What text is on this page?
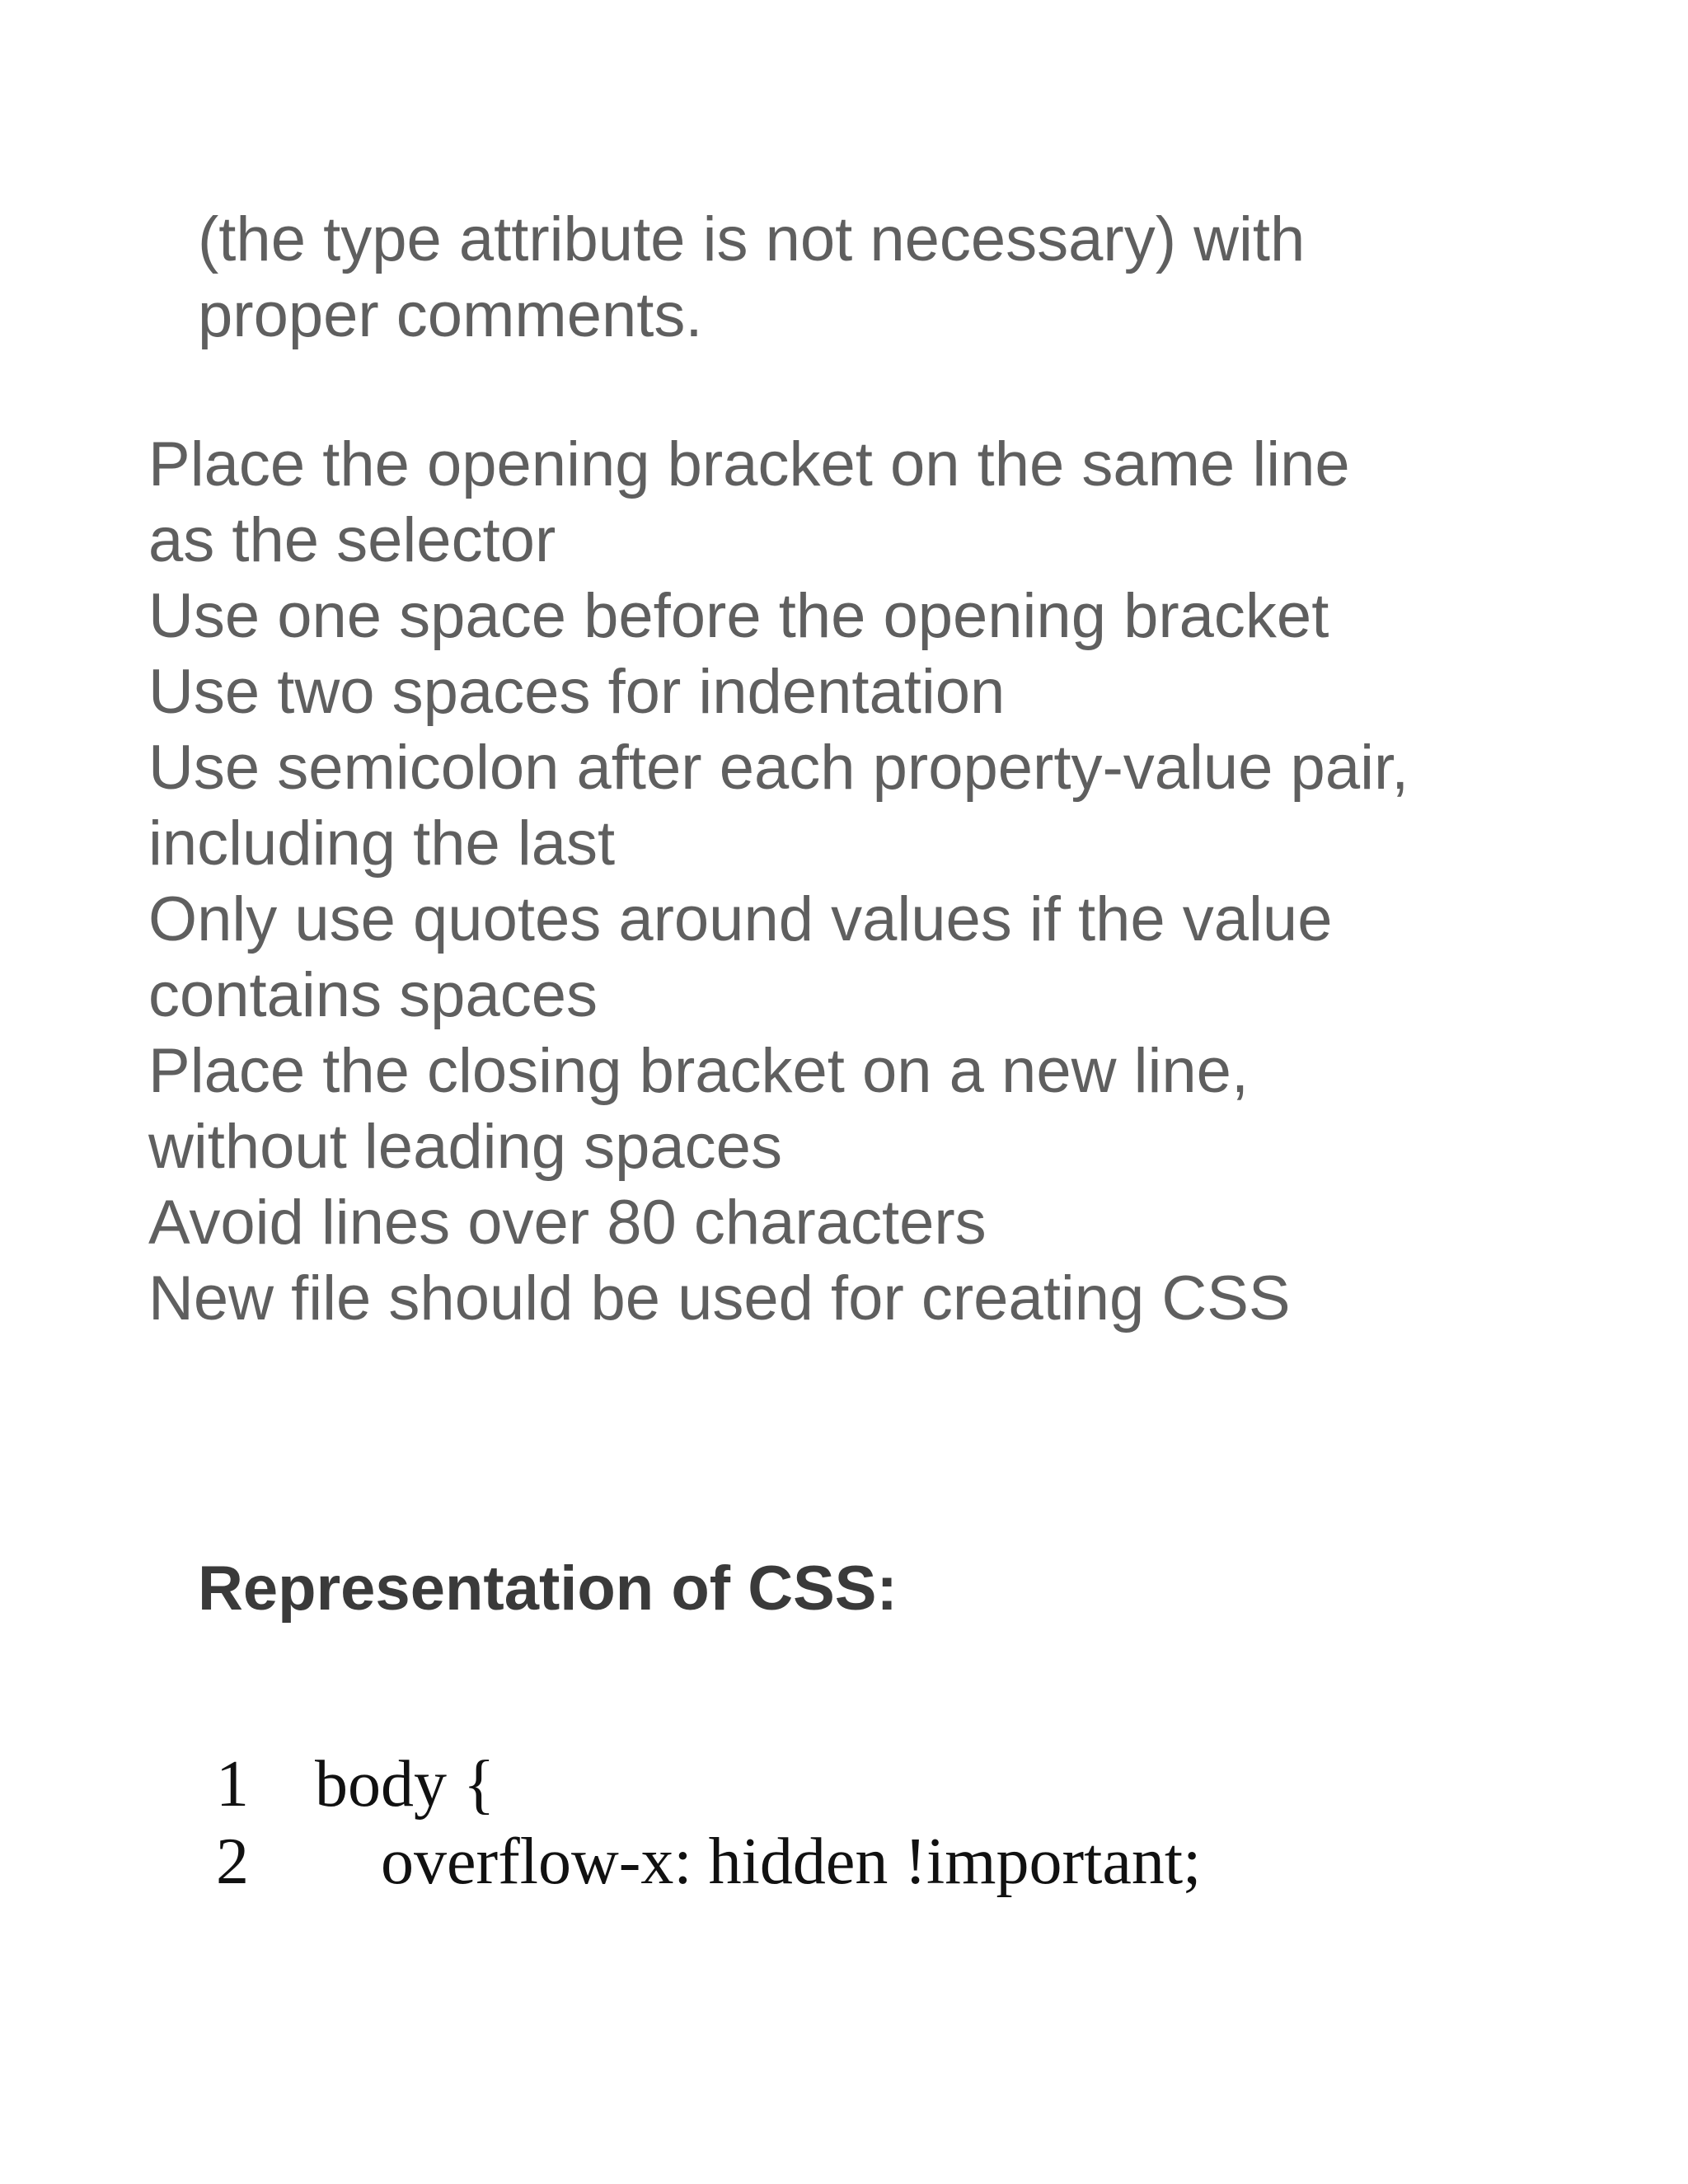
(the type attribute is not necessary) with
proper comments.
Place the opening bracket on the same line
as the selector
Use one space before the opening bracket
Use two spaces for indentation
Use semicolon after each property-value pair,
including the last
Only use quotes around values if the value
contains spaces
Place the closing bracket on a new line,
without leading spaces
Avoid lines over 80 characters
New file should be used for creating CSS
Representation of CSS:
1 body {
2 overflow-x: hidden !important;
